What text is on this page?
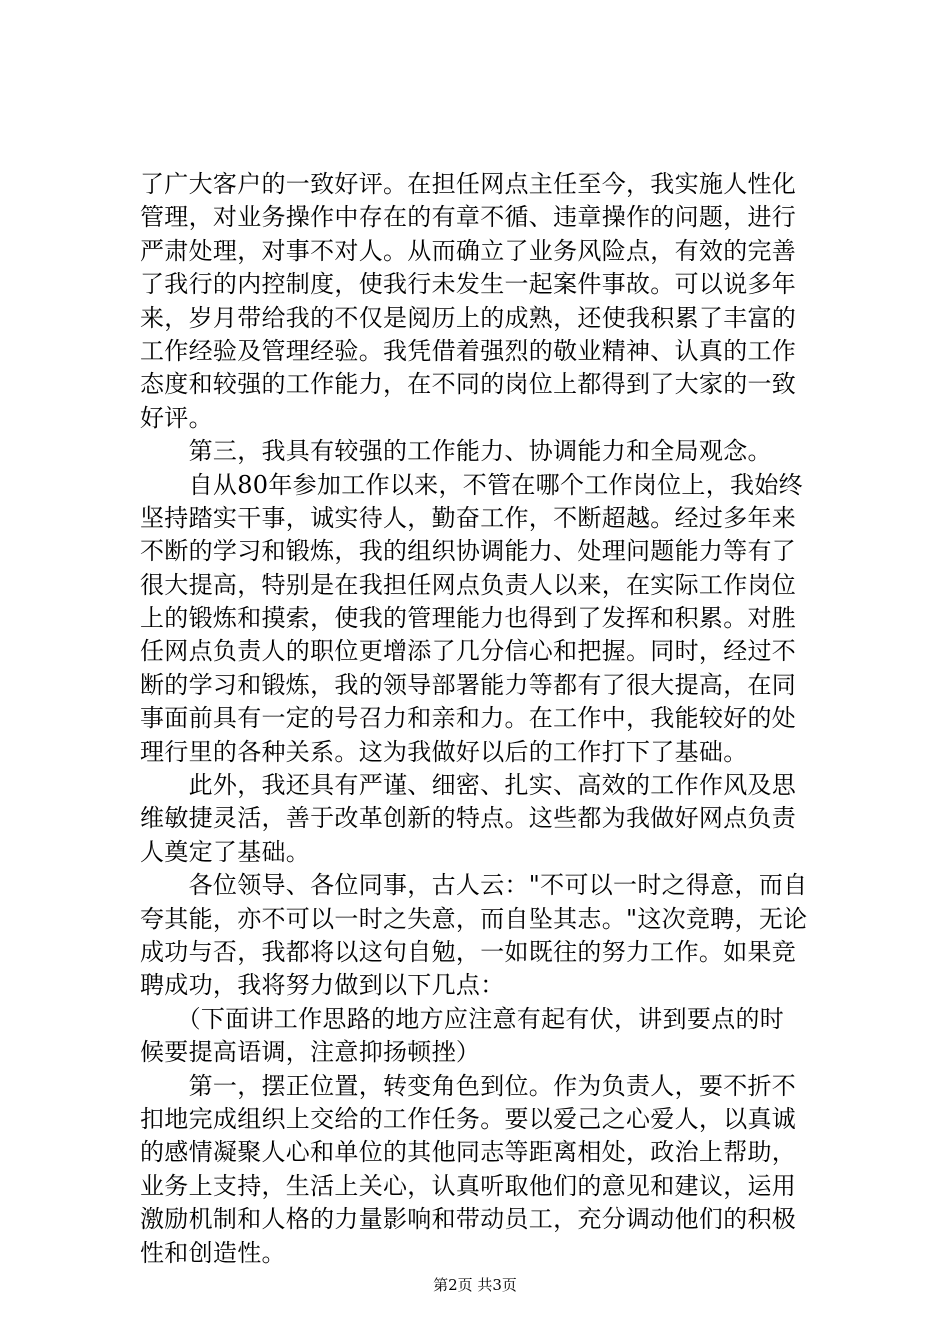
了广大客户的一致好评。在担任网点主任至今，我实施人性化
管理，对业务操作中存在的有章不循、违章操作的问题，进行
严肃处理，对事不对人。从而确立了业务风险点，有效的完善
了我行的内控制度，使我行未发生一起案件事故。可以说多年
来，岁月带给我的不仅是阅历上的成熟，还使我积累了丰富的
工作经验及管理经验。我凭借着强烈的敬业精神、认真的工作
态度和较强的工作能力，在不同的岗位上都得到了大家的一致
好评。
　　第三，我具有较强的工作能力、协调能力和全局观念。
　　自从80年参加工作以来，不管在哪个工作岗位上，我始终
坚持踏实干事，诚实待人，勤奋工作，不断超越。经过多年来
不断的学习和锻炼，我的组织协调能力、处理问题能力等有了
很大提高，特别是在我担任网点负责人以来，在实际工作岗位
上的锻炼和摸索，使我的管理能力也得到了发挥和积累。对胜
任网点负责人的职位更增添了几分信心和把握。同时，经过不
断的学习和锻炼，我的领导部署能力等都有了很大提高，在同
事面前具有一定的号召力和亲和力。在工作中，我能较好的处
理行里的各种关系。这为我做好以后的工作打下了基础。
　　此外，我还具有严谨、细密、扎实、高效的工作作风及思
维敏捷灵活，善于改革创新的特点。这些都为我做好网点负责
人奠定了基础。
　　各位领导、各位同事，古人云："不可以一时之得意，而自
夸其能，亦不可以一时之失意，而自坠其志。"这次竞聘，无论
成功与否，我都将以这句自勉，一如既往的努力工作。如果竞
聘成功，我将努力做到以下几点：
　　（下面讲工作思路的地方应注意有起有伏，讲到要点的时
候要提高语调，注意抑扬顿挫）
　　第一，摆正位置，转变角色到位。作为负责人，要不折不
扣地完成组织上交给的工作任务。要以爱己之心爱人，以真诚
的感情凝聚人心和单位的其他同志等距离相处，政治上帮助，
业务上支持，生活上关心，认真听取他们的意见和建议，运用
激励机制和人格的力量影响和带动员工，充分调动他们的积极
性和创造性。
第2页 共3页
